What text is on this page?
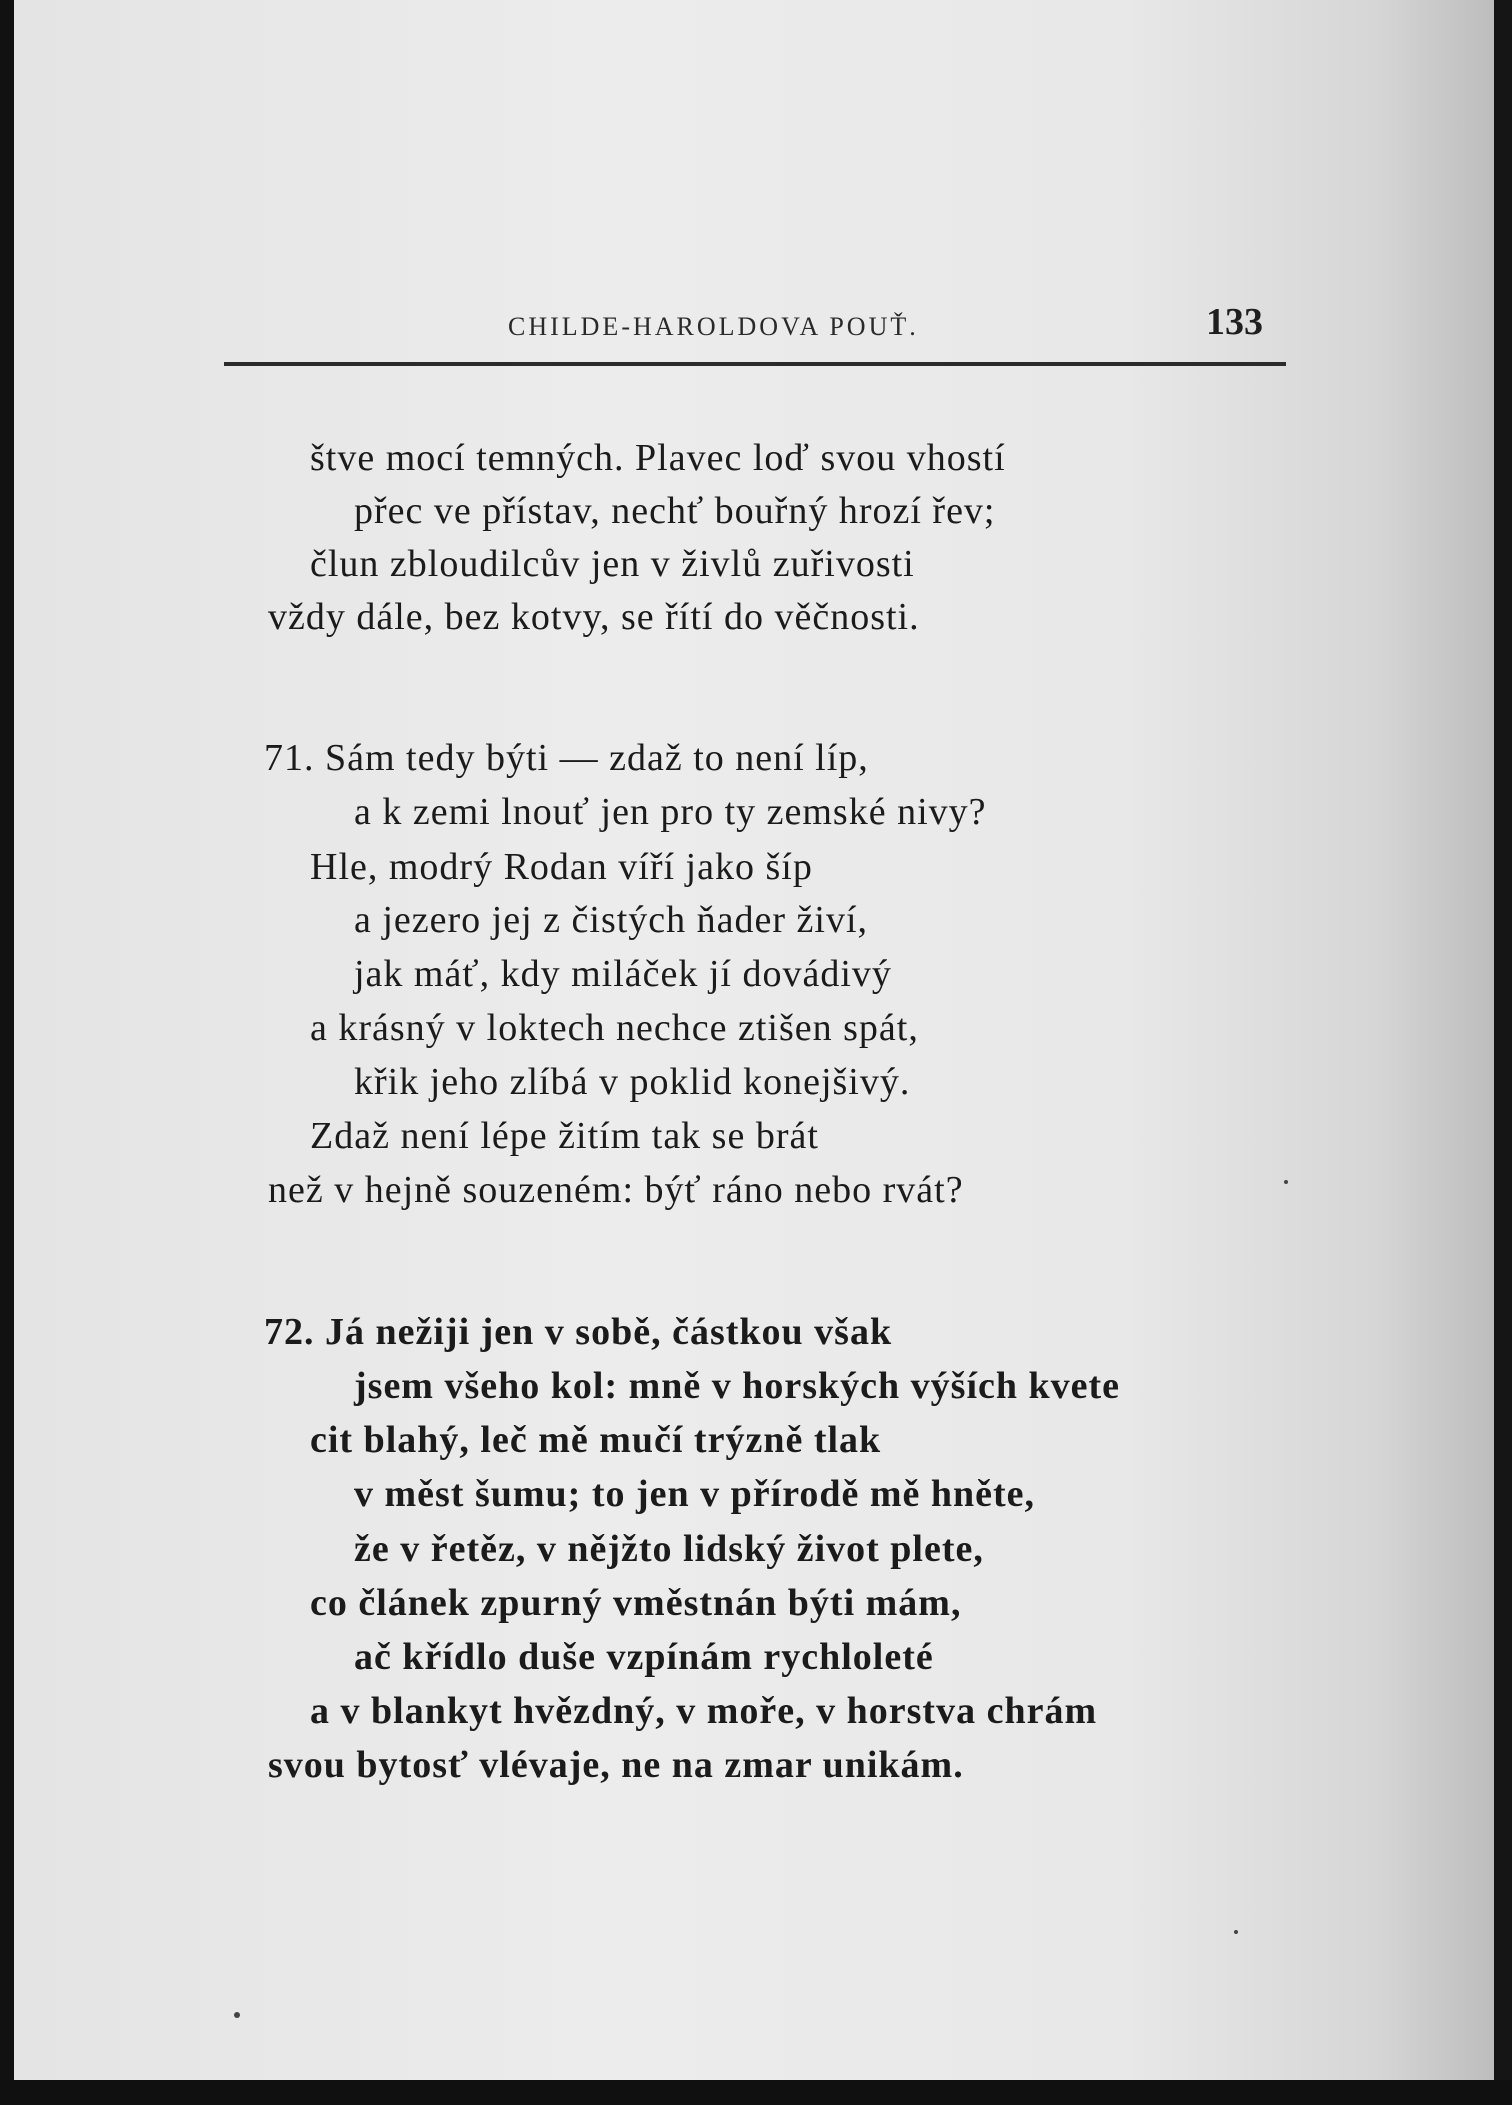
CHILDE-HAROLDOVA POUŤ.	133
štve mocí temných. Plavec loď svou vhostí
přec ve přístav, nechť bouřný hrozí řev;
člun zbloudilcův jen v živlů zuřivosti
vždy dále, bez kotvy, se řítí do věčnosti.
71. Sám tedy býti — zdaž to není líp,
a k zemi lnouť jen pro ty zemské nivy?
Hle, modrý Rodan víří jako šíp
a jezero jej z čistých ňader živí,
jak máť, kdy miláček jí dovádivý
a krásný v loktech nechce ztišen spát,
křik jeho zlíbá v poklid konejšivý.
Zdaž není lépe žitím tak se brát
než v hejně souzeném: býť ráno nebo rvát?
72. Já nežiji jen v sobě, částkou však
jsem všeho kol: mně v horských výších kvete
cit blahý, leč mě mučí trýzně tlak
v měst šumu; to jen v přírodě mě hněte,
že v řetěz, v nějžto lidský život plete,
co článek zpurný vměstnán býti mám,
ač křídlo duše vzpínám rychloleté
a v blankyt hvězdný, v moře, v horstva chrám
svou bytosť vlévaje, ne na zmar unikám.
